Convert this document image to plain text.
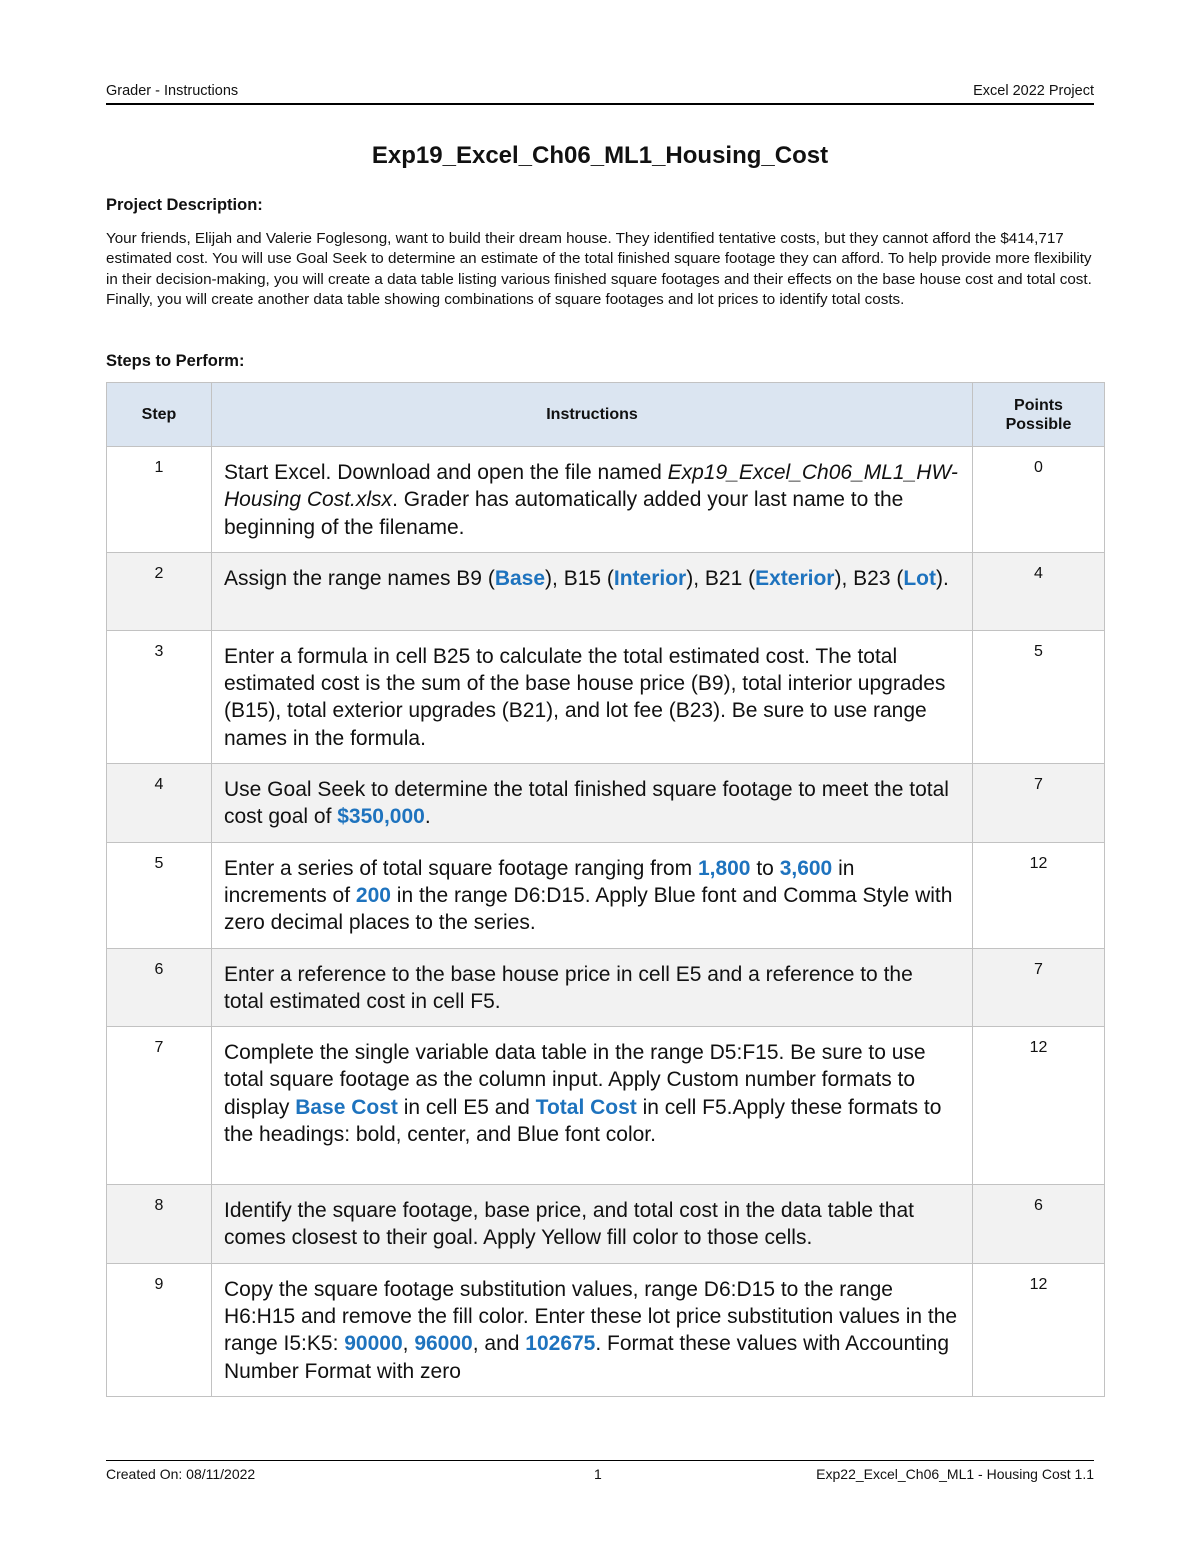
Grader - Instructions	Excel 2022 Project
Exp19_Excel_Ch06_ML1_Housing_Cost
Project Description:
Your friends, Elijah and Valerie Foglesong, want to build their dream house. They identified tentative costs, but they cannot afford the $414,717 estimated cost. You will use Goal Seek to determine an estimate of the total finished square footage they can afford. To help provide more flexibility in their decision-making, you will create a data table listing various finished square footages and their effects on the base house cost and total cost. Finally, you will create another data table showing combinations of square footages and lot prices to identify total costs.
Steps to Perform:
Step	Instructions	Points Possible

1	Start Excel. Download and open the file named Exp19_Excel_Ch06_ML1_HW-Housing Cost.xlsx. Grader has automatically added your last name to the beginning of the filename.	0
2	Assign the range names B9 (Base), B15 (Interior), B21 (Exterior), B23 (Lot).	4
3	Enter a formula in cell B25 to calculate the total estimated cost. The total estimated cost is the sum of the base house price (B9), total interior upgrades (B15), total exterior upgrades (B21), and lot fee (B23). Be sure to use range names in the formula.	5
4	Use Goal Seek to determine the total finished square footage to meet the total cost goal of $350,000.	7
5	Enter a series of total square footage ranging from 1,800 to 3,600 in increments of 200 in the range D6:D15. Apply Blue font and Comma Style with zero decimal places to the series.	12
6	Enter a reference to the base house price in cell E5 and a reference to the total estimated cost in cell F5.	7
7	Complete the single variable data table in the range D5:F15. Be sure to use total square footage as the column input. Apply Custom number formats to display Base Cost in cell E5 and Total Cost in cell F5.Apply these formats to the headings: bold, center, and Blue font color.	12
8	Identify the square footage, base price, and total cost in the data table that comes closest to their goal. Apply Yellow fill color to those cells.	6
9	Copy the square footage substitution values, range D6:D15 to the range H6:H15 and remove the fill color. Enter these lot price substitution values in the range I5:K5: 90000, 96000, and 102675. Format these values with Accounting Number Format with zero	12
Created On: 08/11/2022	1	Exp22_Excel_Ch06_ML1 - Housing Cost 1.1
